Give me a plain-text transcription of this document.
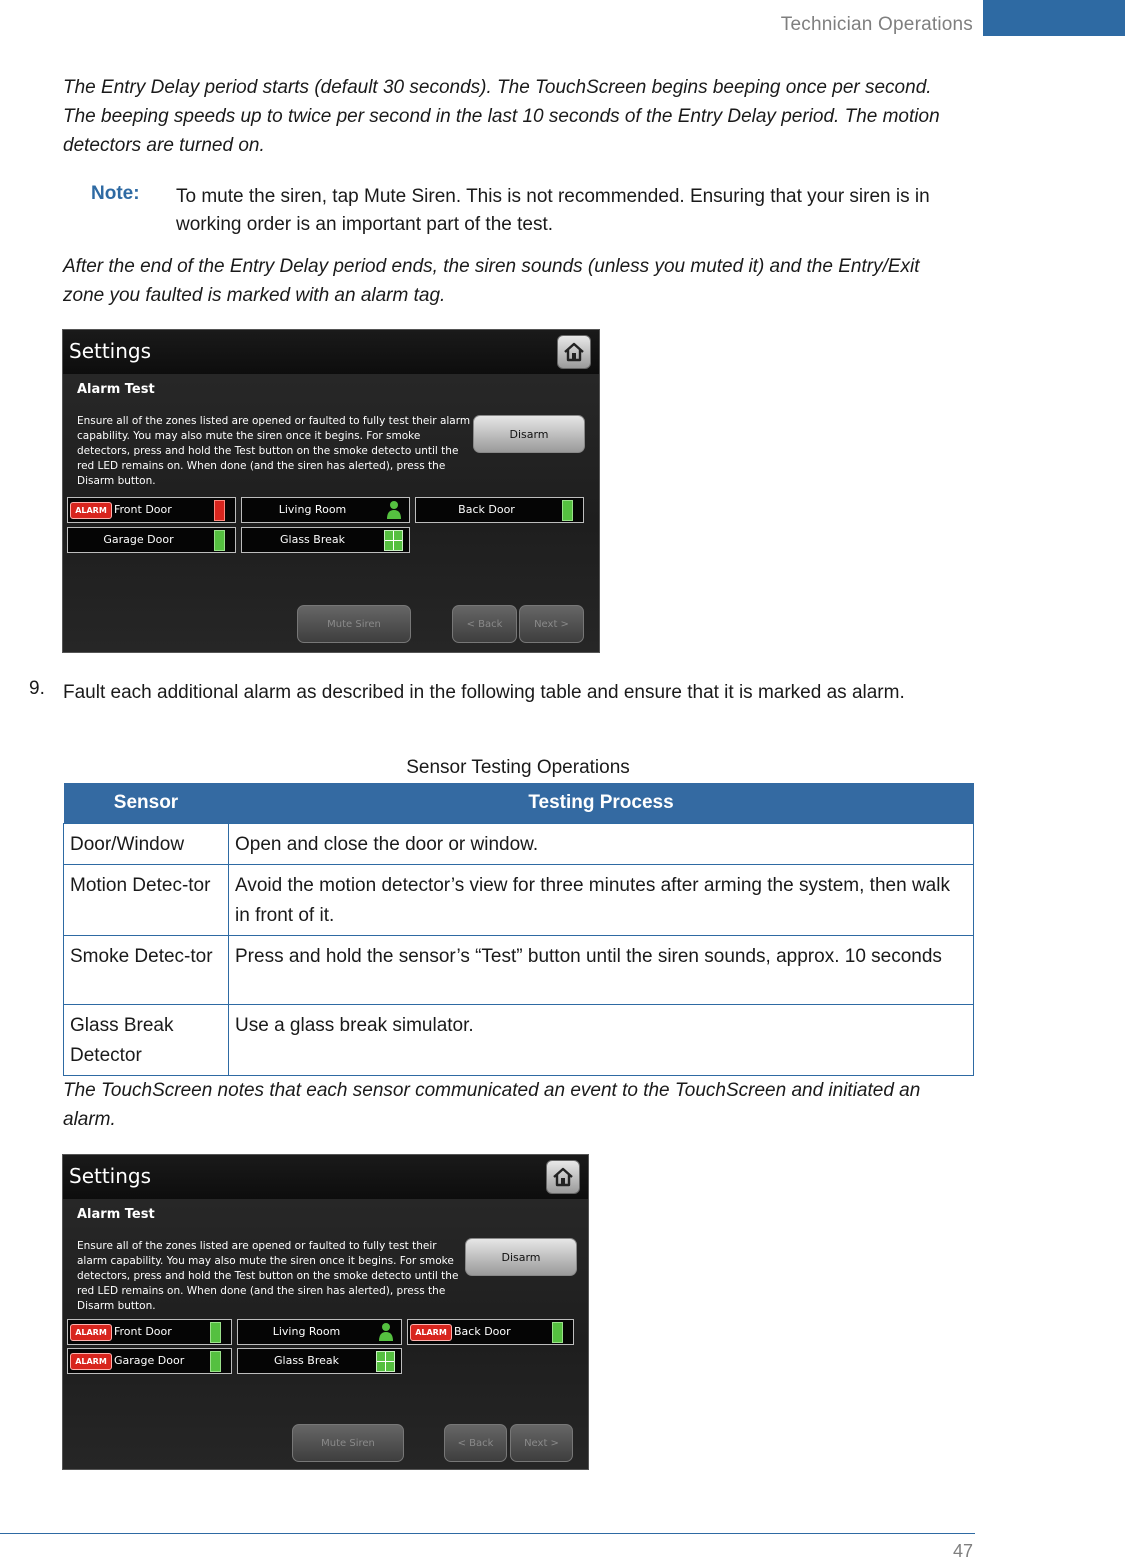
Technician Operations

The Entry Delay period starts (default 30 seconds). The TouchScreen begins beeping once per second. The beeping speeds up to twice per second in the last 10 seconds of the Entry Delay period. The motion detectors are turned on.

Note: To mute the siren, tap Mute Siren. This is not recommended. Ensuring that your siren is in working order is an important part of the test.

After the end of the Entry Delay period ends, the siren sounds (unless you muted it) and the Entry/Exit zone you faulted is marked with an alarm tag.

Settings
Alarm Test

Ensure all of the zones listed are opened or faulted to fully test their alarm capability. You may also mute the siren once it begins. For smoke detectors, press and hold the Test button on the smoke detecto until the red LED remains on. When done (and the siren has alerted), press the Disarm button.

Disarm
ALARM Front Door	Living Room	Back Door
Garage Door	Glass Break
Mute Siren	< Back	Next >
9. Fault each additional alarm as described in the following table and ensure that it is marked as alarm.

Sensor Testing Operations
Sensor	Testing Process
Door/Window	Open and close the door or window.
Motion Detec-tor	Avoid the motion detector’s view for three minutes after arming the system, then walk in front of it.
Smoke Detec-tor	Press and hold the sensor’s “Test” button until the siren sounds, approx. 10 seconds
Glass Break Detector	Use a glass break simulator.

The TouchScreen notes that each sensor communicated an event to the TouchScreen and initiated an alarm.

Settings
Alarm Test

Ensure all of the zones listed are opened or faulted to fully test their alarm capability. You may also mute the siren once it begins. For smoke detectors, press and hold the Test button on the smoke detecto until the red LED remains on. When done (and the siren has alerted), press the Disarm button.

Disarm
ALARM Front Door	Living Room	ALARM Back Door
ALARM Garage Door	Glass Break
Mute Siren	< Back	Next >
47
